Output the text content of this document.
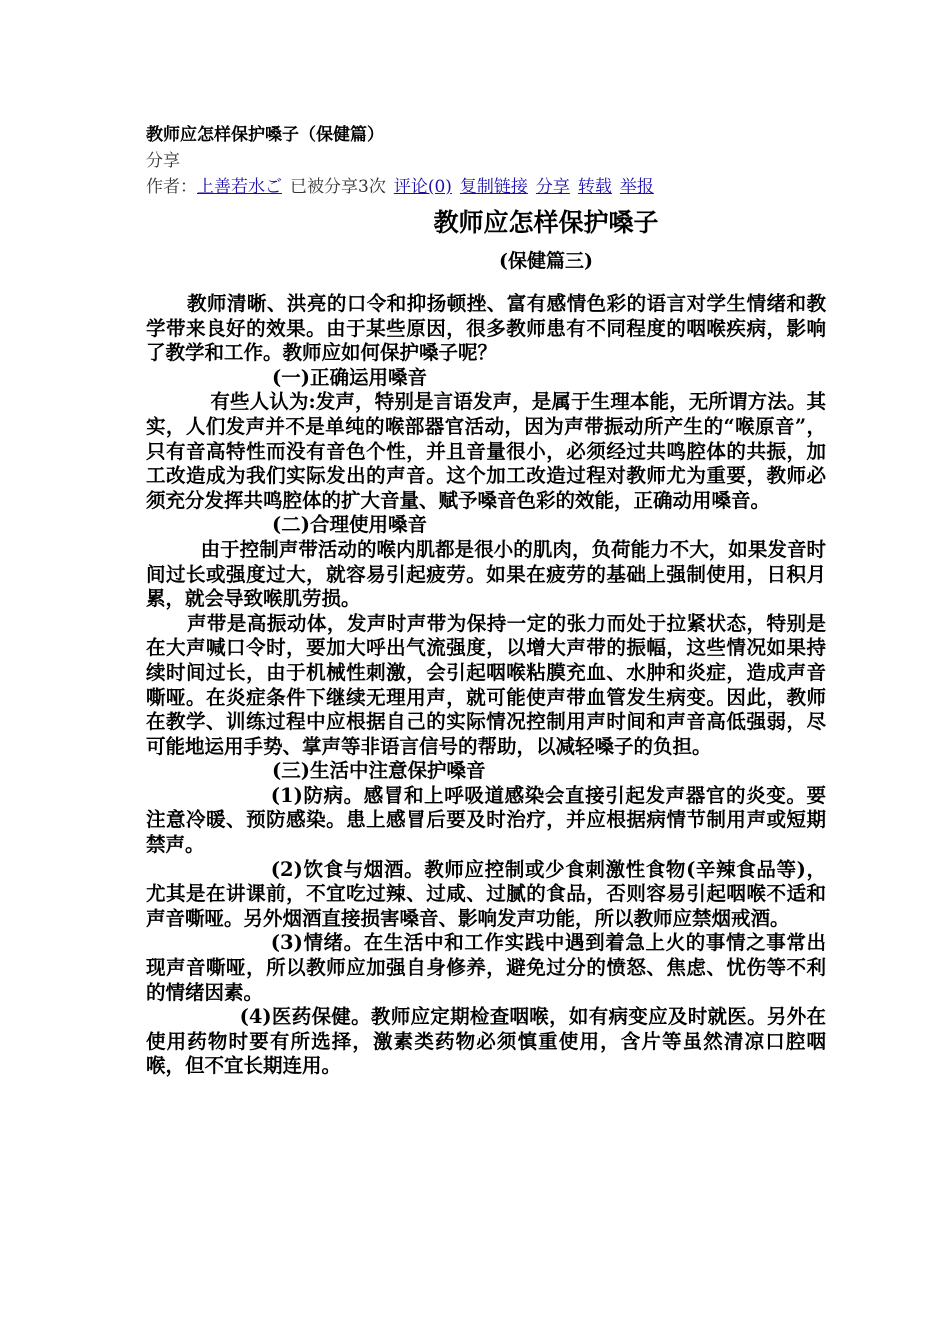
教师应怎样保护嗓子（保健篇）
分享
作者：上善若水ご 已被分享3次 评论(0) 复制链接 分享 转载 举报
教师应怎样保护嗓子
(保健篇三)

教师清晰、洪亮的口令和抑扬顿挫、富有感情色彩的语言对学生情绪和教学带来良好的效果。由于某些原因，很多教师患有不同程度的咽喉疾病，影响了教学和工作。教师应如何保护嗓子呢？

(一)正确运用嗓音

有些人认为:发声，特别是言语发声，是属于生理本能，无所谓方法。其实，人们发声并不是单纯的喉部器官活动，因为声带振动所产生的“喉原音”，只有音高特性而没有音色个性，并且音量很小，必须经过共鸣腔体的共振，加工改造成为我们实际发出的声音。这个加工改造过程对教师尤为重要，教师必须充分发挥共鸣腔体的扩大音量、赋予嗓音色彩的效能，正确动用嗓音。

(二)合理使用嗓音

由于控制声带活动的喉内肌都是很小的肌肉，负荷能力不大，如果发音时间过长或强度过大，就容易引起疲劳。如果在疲劳的基础上强制使用，日积月累，就会导致喉肌劳损。

声带是高振动体，发声时声带为保持一定的张力而处于拉紧状态，特别是在大声喊口令时，要加大呼出气流强度，以增大声带的振幅，这些情况如果持续时间过长，由于机械性刺激，会引起咽喉粘膜充血、水肿和炎症，造成声音嘶哑。在炎症条件下继续无理用声，就可能使声带血管发生病变。因此，教师在教学、训练过程中应根据自己的实际情况控制用声时间和声音高低强弱，尽可能地运用手势、掌声等非语言信号的帮助，以减轻嗓子的负担。

(三)生活中注意保护嗓音

(1)防病。感冒和上呼吸道感染会直接引起发声器官的炎变。要注意冷暖、预防感染。患上感冒后要及时治疗，并应根据病情节制用声或短期禁声。

(2)饮食与烟酒。教师应控制或少食刺激性食物(辛辣食品等)，尤其是在讲课前，不宜吃过辣、过咸、过腻的食品，否则容易引起咽喉不适和声音嘶哑。另外烟酒直接损害嗓音、影响发声功能，所以教师应禁烟戒酒。

(3)情绪。在生活中和工作实践中遇到着急上火的事情之事常出现声音嘶哑，所以教师应加强自身修养，避免过分的愤怒、焦虑、忧伤等不利的情绪因素。

(4)医药保健。教师应定期检查咽喉，如有病变应及时就医。另外在使用药物时要有所选择，激素类药物必须慎重使用，含片等虽然清凉口腔咽喉，但不宜长期连用。
